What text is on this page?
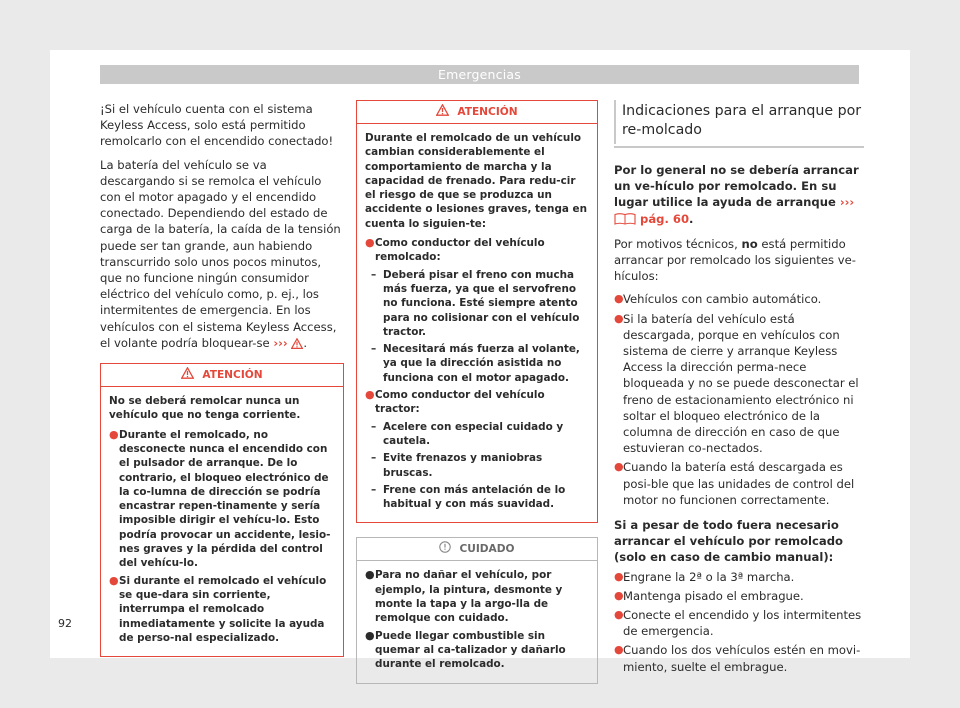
Emergencias

¡Si el vehículo cuenta con el sistema Keyless Access, solo está permitido remolcarlo con el encendido conectado!

La batería del vehículo se va descargando si se remolca el vehículo con el motor apagado y el encendido conectado. Dependiendo del estado de carga de la batería, la caída de la tensión puede ser tan grande, aun habiendo transcurrido solo unos pocos minutos, que no funcione ningún consumidor eléctrico del vehículo como, p. ej., los intermitentes de emergencia. En los vehículos con el sistema Keyless Access, el volante podría bloquear-se ››› .

ATENCIÓN

No se deberá remolcar nunca un vehículo que no tenga corriente.

● Durante el remolcado, no desconecte nunca el encendido con el pulsador de arranque. De lo contrario, el bloqueo electrónico de la co-lumna de dirección se podría encastrar repen-tinamente y sería imposible dirigir el vehícu-lo. Esto podría provocar un accidente, lesio-nes graves y la pérdida del control del vehícu-lo.
● Si durante el remolcado el vehículo se que-dara sin corriente, interrumpa el remolcado inmediatamente y solicite la ayuda de perso-nal especializado.
ATENCIÓN

Durante el remolcado de un vehículo cambian considerablemente el comportamiento de marcha y la capacidad de frenado. Para redu-cir el riesgo de que se produzca un accidente o lesiones graves, tenga en cuenta lo siguien-te:

● Como conductor del vehículo remolcado:
– Deberá pisar el freno con mucha más fuerza, ya que el servofreno no funciona. Esté siempre atento para no colisionar con el vehículo tractor.
– Necesitará más fuerza al volante, ya que la dirección asistida no funciona con el motor apagado.
● Como conductor del vehículo tractor:
– Acelere con especial cuidado y cautela.
– Evite frenazos y maniobras bruscas.
– Frene con más antelación de lo habitual y con más suavidad.
CUIDADO
● Para no dañar el vehículo, por ejemplo, la pintura, desmonte y monte la tapa y la argo-lla de remolque con cuidado.
● Puede llegar combustible sin quemar al ca-talizador y dañarlo durante el remolcado.
Indicaciones para el arranque por re-molcado

Por lo general no se debería arrancar un ve-hículo por remolcado. En su lugar utilice la ayuda de arranque ›››  pág. 60.

Por motivos técnicos, no está permitido arrancar por remolcado los siguientes ve-hículos:

● Vehículos con cambio automático.
● Si la batería del vehículo está descargada, porque en vehículos con sistema de cierre y arranque Keyless Access la dirección perma-nece bloqueada y no se puede desconectar el freno de estacionamiento electrónico ni soltar el bloqueo electrónico de la columna de dirección en caso de que estuvieran co-nectados.
● Cuando la batería está descargada es posi-ble que las unidades de control del motor no funcionen correctamente.

Si a pesar de todo fuera necesario arrancar el vehículo por remolcado (solo en caso de cambio manual):

● Engrane la 2ª o la 3ª marcha.
● Mantenga pisado el embrague.
● Conecte el encendido y los intermitentes de emergencia.
● Cuando los dos vehículos estén en movi-miento, suelte el embrague.
92
